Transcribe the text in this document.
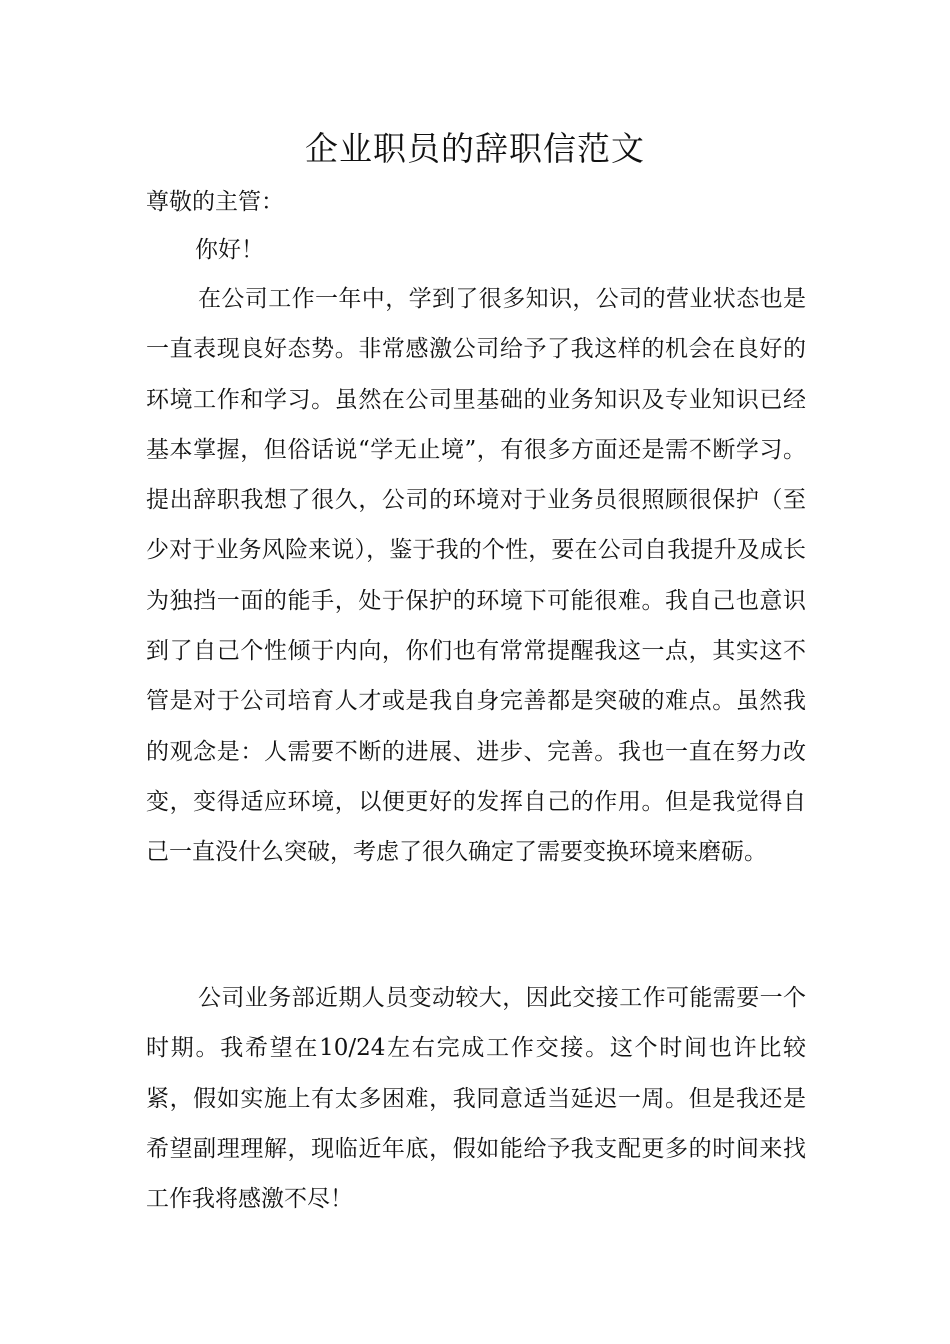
企业职员的辞职信范文

尊敬的主管：

你好！

在公司工作一年中，学到了很多知识，公司的营业状态也是一直表现良好态势。非常感激公司给予了我这样的机会在良好的环境工作和学习。虽然在公司里基础的业务知识及专业知识已经基本掌握，但俗话说“学无止境”，有很多方面还是需不断学习。提出辞职我想了很久，公司的环境对于业务员很照顾很保护（至少对于业务风险来说），鉴于我的个性，要在公司自我提升及成长为独挡一面的能手，处于保护的环境下可能很难。我自己也意识到了自己个性倾于内向，你们也有常常提醒我这一点，其实这不管是对于公司培育人才或是我自身完善都是突破的难点。虽然我的观念是：人需要不断的进展、进步、完善。我也一直在努力改变，变得适应环境，以便更好的发挥自己的作用。但是我觉得自己一直没什么突破，考虑了很久确定了需要变换环境来磨砺。

公司业务部近期人员变动较大，因此交接工作可能需要一个时期。我希望在10/24左右完成工作交接。这个时间也许比较紧，假如实施上有太多困难，我同意适当延迟一周。但是我还是希望副理理解，现临近年底，假如能给予我支配更多的时间来找工作我将感激不尽！
